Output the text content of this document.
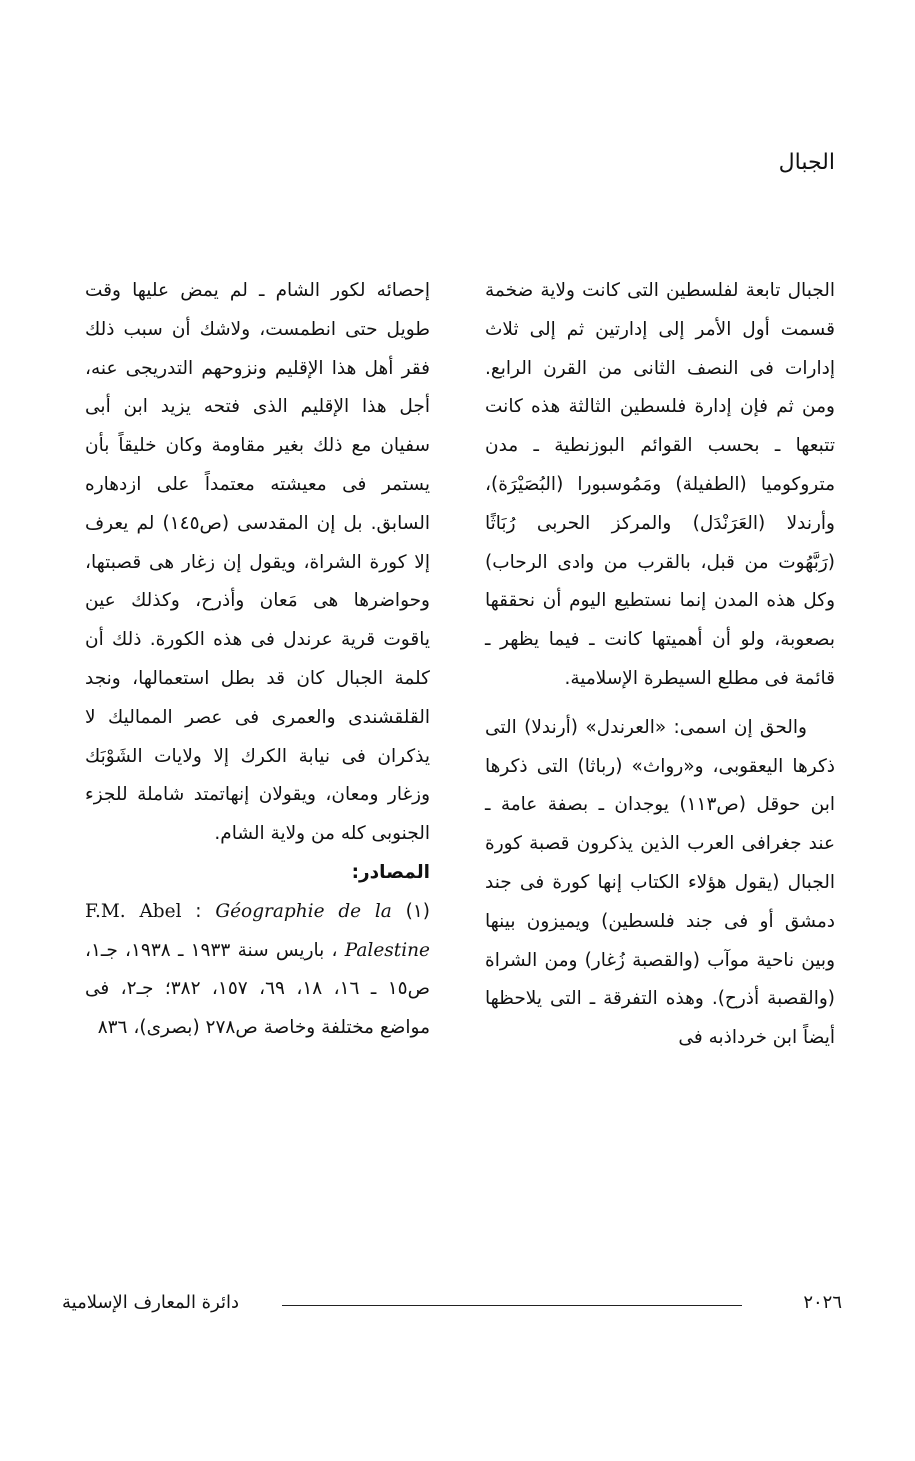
الجبال

الجبال تابعة لفلسطين التى كانت ولاية ضخمة قسمت أول الأمر إلى إدارتين ثم إلى ثلاث إدارات فى النصف الثانى من القرن الرابع. ومن ثم فإن إدارة فلسطين الثالثة هذه كانت تتبعها ـ بحسب القوائم البوزنطية ـ مدن متروكوميا (الطفيلة) ومَمُوسبورا (البُصَيْرَة)، وأرندلا (العَرَنْدَل) والمركز الحربى رُبَاثًا (رَبَّهُوت من قبل، بالقرب من وادى الرحاب) وكل هذه المدن إنما نستطيع اليوم أن نحققها بصعوبة، ولو أن أهميتها كانت ـ فيما يظهر ـ قائمة فى مطلع السيطرة الإسلامية.

والحق إن اسمى: «العرندل» (أرندلا) التى ذكرها اليعقوبى، و«رواث» (رباثا) التى ذكرها ابن حوقل (ص١١٣) يوجدان ـ بصفة عامة ـ عند جغرافى العرب الذين يذكرون قصبة كورة الجبال (يقول هؤلاء الكتاب إنها كورة فى جند دمشق أو فى جند فلسطين) ويميزون بينها وبين ناحية موآب (والقصبة زُغار) ومن الشراة (والقصبة أذرح). وهذه التفرقة ـ التى يلاحظها أيضاً ابن خرداذبه فى

إحصائه لكور الشام ـ لم يمض عليها وقت طويل حتى انطمست، ولاشك أن سبب ذلك فقر أهل هذا الإقليم ونزوحهم التدريجى عنه، أجل هذا الإقليم الذى فتحه يزيد ابن أبى سفيان مع ذلك بغير مقاومة وكان خليقاً بأن يستمر فى معيشته معتمداً على ازدهاره السابق. بل إن المقدسى (ص١٤٥) لم يعرف إلا كورة الشراة، ويقول إن زغار هى قصبتها، وحواضرها هى مَعان وأذرح، وكذلك عين ياقوت قرية عرندل فى هذه الكورة. ذلك أن كلمة الجبال كان قد بطل استعمالها، ونجد القلقشندى والعمرى فى عصر المماليك لا يذكران فى نيابة الكرك إلا ولايات الشَوْبَك وزغار ومعان، ويقولان إنهاتمتد شاملة للجزء الجنوبى كله من ولاية الشام.

المصادر:

(١) F.M. Abel : Géographie de la Palestine ، باريس سنة ١٩٣٣ ـ ١٩٣٨، جـ١، ص١٥ ـ ١٦، ١٨، ٦٩، ١٥٧، ٣٨٢؛ جـ٢، فى مواضع مختلفة وخاصة ص٢٧٨ (بصرى)، ٨٣٦

٢٠٢٦
دائرة المعارف الإسلامية
